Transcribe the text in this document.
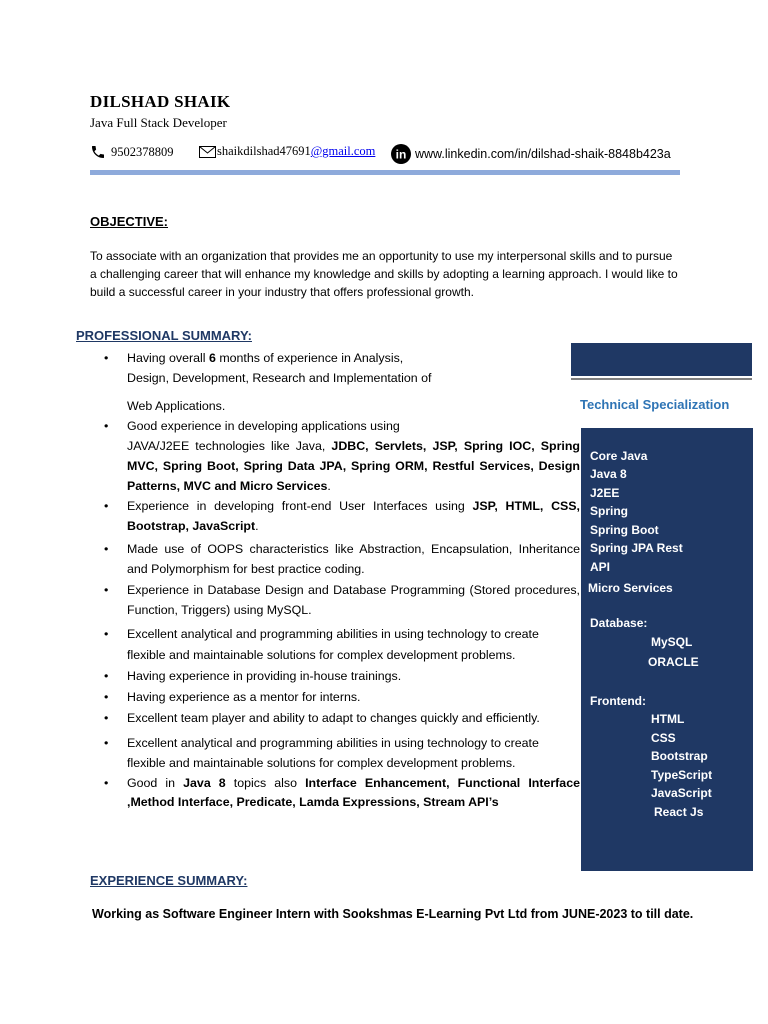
DILSHAD SHAIK
Java Full Stack Developer
9502378809	shaikdilshad47691 @gmail.com in www.linkedin.com/in/dilshad-shaik-8848b423a
OBJECTIVE:
To associate with an organization that provides me an opportunity to use my interpersonal skills and to pursue a challenging career that will enhance my knowledge and skills by adopting a learning approach. I would like to build a successful career in your industry that offers professional growth.
PROFESSIONAL SUMMARY:
• Having overall 6 months of experience in Analysis,
Design, Development, Research and Implementation of
Web Applications.
• Good experience in developing applications using
JAVA/J2EE technologies like Java, JDBC, Servlets, JSP, Spring IOC, Spring MVC, Spring Boot, Spring Data JPA, Spring ORM, Restful Services, Design Patterns, MVC and Micro Services.
• Experience in developing front-end User Interfaces using JSP, HTML, CSS, Bootstrap, JavaScript.
• Made use of OOPS characteristics like Abstraction, Encapsulation, Inheritance and Polymorphism for best practice coding.
• Experience in Database Design and Database Programming (Stored procedures, Function, Triggers) using MySQL.
• Excellent analytical and programming abilities in using technology to create flexible and maintainable solutions for complex development problems.
• Having experience in providing in-house trainings.
• Having experience as a mentor for interns.
• Excellent team player and ability to adapt to changes quickly and efficiently.
• Excellent analytical and programming abilities in using technology to create flexible and maintainable solutions for complex development problems.
• Good in Java 8 topics also Interface Enhancement, Functional Interface ,Method Interface, Predicate, Lamda Expressions, Stream API’s
Technical Specialization
Core Java
Java 8
J2EE
Spring
Spring Boot
Spring JPA Rest
API
Micro Services
Database:
MySQL
ORACLE
Frontend:
HTML
CSS
Bootstrap
TypeScript
JavaScript
React Js
EXPERIENCE SUMMARY:
Working as Software Engineer Intern with Sookshmas E-Learning Pvt Ltd from JUNE-2023 to till date.
